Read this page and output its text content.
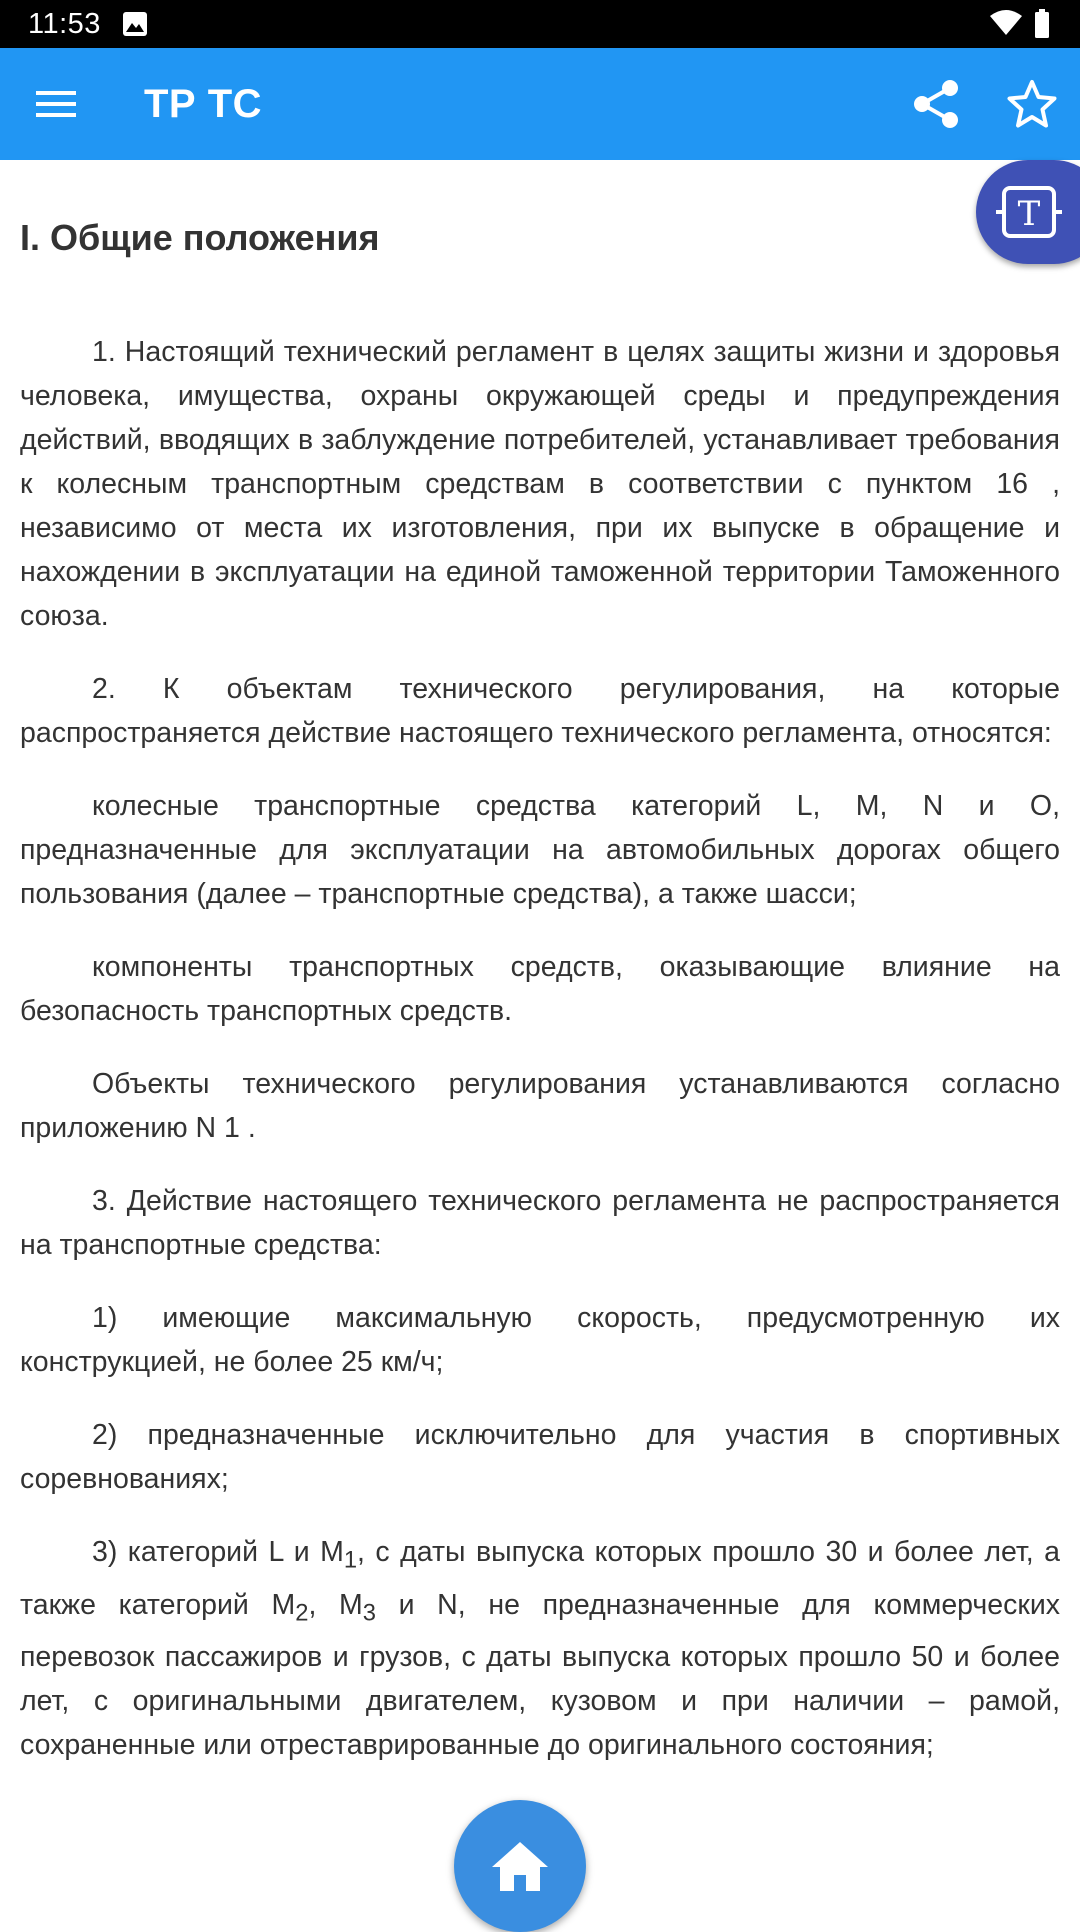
11:53
ТР ТС
T
I. Общие положения

1. Настоящий технический регламент в целях защиты жизни и здоровья человека, имущества, охраны окружающей среды и предупреждения действий, вводящих в заблуждение потребителей, устанавливает требования к колесным транспортным средствам в соответствии с пунктом 16 , независимо от места их изготовления, при их выпуске в обращение и нахождении в эксплуатации на единой таможенной территории Таможенного союза.

2. К объектам технического регулирования, на которые распространяется действие настоящего технического регламента, относятся:

колесные транспортные средства категорий L, M, N и O, предназначенные для эксплуатации на автомобильных дорогах общего пользования (далее – транспортные средства), а также шасси;

компоненты транспортных средств, оказывающие влияние на безопасность транспортных средств.

Объекты технического регулирования устанавливаются согласно приложению N 1 .

3. Действие настоящего технического регламента не распространяется на транспортные средства:

1) имеющие максимальную скорость, предусмотренную их конструкцией, не более 25 км/ч;

2) предназначенные исключительно для участия в спортивных соревнованиях;

3) категорий L и $M_1$, с даты выпуска которых прошло 30 и более лет, а также категорий $M_2$, $M_3$ и N, не предназначенные для коммерческих перевозок пассажиров и грузов, с даты выпуска которых прошло 50 и более лет, с оригинальными двигателем, кузовом и при наличии – рамой, сохраненные или отреставрированные до оригинального состояния;
